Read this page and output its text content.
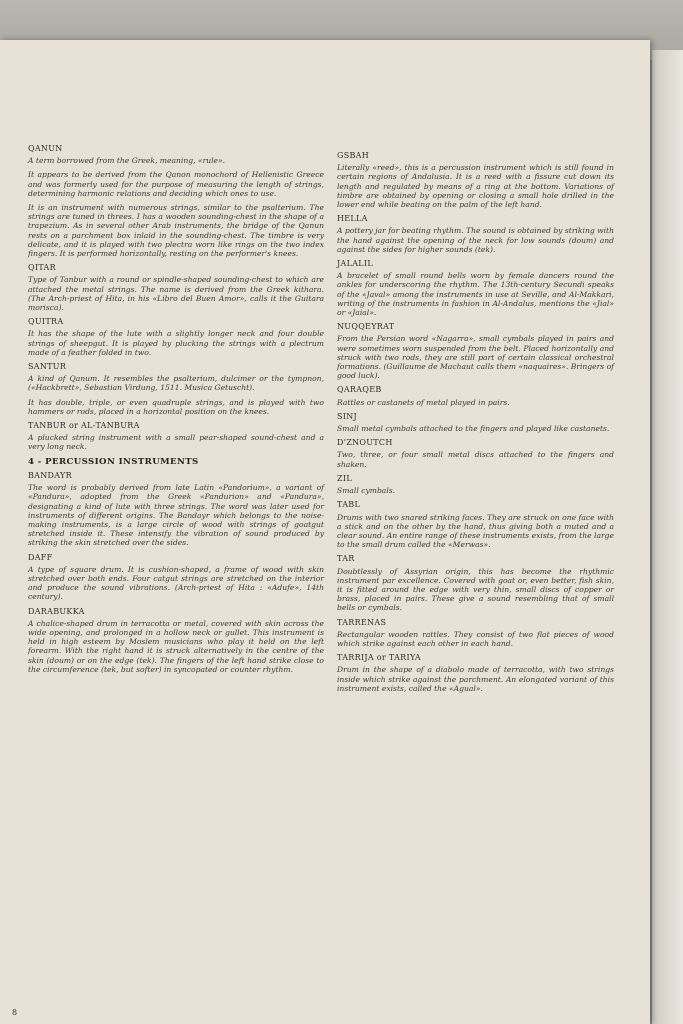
QANUN

A term borrowed from the Greek, meaning, «rule».

It appears to be derived from the Qanon monochord of Hellenistic Greece and was formerly used for the purpose of measuring the length of strings, determining harmonic relations and deciding which ones to use.

It is an instrument with numerous strings, similar to the psalterium. The strings are tuned in threes. I has a wooden sounding-chest in the shape of a trapezium. As in several other Arab instruments, the bridge of the Qanun rests on a parchment box inlaid in the sounding-chest. The timbre is very delicate, and it is played with two plectra worn like rings on the two index fingers. It is performed horizontally, resting on the performer's knees.

QITAR

Type of Tanbur with a round or spindle-shaped sounding-chest to which are attached the metal strings. The name is derived from the Greek kithara. (The Arch-priest of Hita, in his «Libro del Buen Amor», calls it the Guitara morisca).

QUITRA

It has the shape of the lute with a slightly longer neck and four double strings of sheepgut. It is played by plucking the strings with a plectrum made of a feather folded in two.

SANTUR

A kind of Qanum. It resembles the psalterium, dulcimer or the tympnon, («Hackbrett», Sebastian Virdung, 1511. Musica Getuscht).

It has double, triple, or even quadruple strings, and is played with two hammers or rods, placed in a horizontal position on the knees.

TANBUR or AL-TANBURA

A plucked string instrument with a small pear-shaped sound-chest and a very long neck.

4 - PERCUSSION INSTRUMENTS
BANDAYR

The word is probably derived from late Latin «Pandorium», a variant of «Pandura», adopted from the Greek «Pandurion» and «Pandura», designating a kind of lute with three strings. The word was later used for instruments of different origins. The Bandayr which belongs to the noise-making instruments, is a large circle of wood with strings of goatgut stretched inside it. These intensify the vibration of sound produced by striking the skin stretched over the sides.

DAFF

A type of square drum. It is cushion-shaped, a frame of wood with skin stretched over both ends. Four catgut strings are stretched on the interior and produce the sound vibrations. (Arch-priest of Hita : «Adufe», 14th century).

DARABUKKA

A chalice-shaped drum in terracotta or metal, covered with skin across the wide opening, and prolonged in a hollow neck or gullet. This instrument is held in high esteem by Moslem musicians who play it held on the left forearm. With the right hand it is struck alternatively in the centre of the skin (doum) or on the edge (tek). The fingers of the left hand strike close to the circumference (tek, but softer) in syncopated or counter rhythm.

GSBAH

Literally «reed», this is a percussion instrument which is still found in certain regions of Andalusia. It is a reed with a fissure cut down its length and regulated by means of a ring at the bottom. Variations of timbre are obtained by opening or closing a small hole drilled in the lower end while beating on the palm of the left hand.

HELLA

A pottery jar for beating rhythm. The sound is obtained by striking with the hand against the opening of the neck for low sounds (doum) and against the sides for higher sounds (tek).

JALALIL

A bracelet of small round bells worn by female dancers round the ankles for underscoring the rhythm. The 13th-century Secundi speaks of the «Javal» among the instruments in use at Seville, and Al-Makkari, writing of the instruments in fashion in Al-Andalus, mentions the «Jial» or «Jaial».

NUQQEYRAT

From the Persian word «Nagarra», small cymbals played in pairs and were sometimes worn suspended from the belt. Placed horizontally and struck with two rods, they are still part of certain classical orchestral formations. (Guillaume de Machaut calls them «naquaires». Bringers of good luck).

QARAQEB

Rattles or castanets of metal played in pairs.

SINJ

Small metal cymbals attached to the fingers and played like castanets.

D'ZNOUTCH

Two, three, or four small metal discs attached to the fingers and shaken.

ZIL

Small cymbals.

TABL

Drums with two snared striking faces. They are struck on one face with a stick and on the other by the hand, thus giving both a muted and a clear sound. An entire range of these instruments exists, from the large to the small drum called the «Merwas».

TAR

Doubtlessly of Assyrian origin, this has become the rhythmic instrument par excellence. Covered with goat or, even better, fish skin, it is fitted around the edge with very thin, small discs of copper or brass, placed in pairs. These give a sound resembling that of small bells or cymbals.

TARRENAS

Rectangular wooden rattles. They consist of two flat pieces of wood which strike against each other in each hand.

TARRIJA or TARIYA

Drum in the shape of a diabolo made of terracotta, with two strings inside which strike against the parchment. An elongated variant of this instrument exists, called the «Agual».

8
